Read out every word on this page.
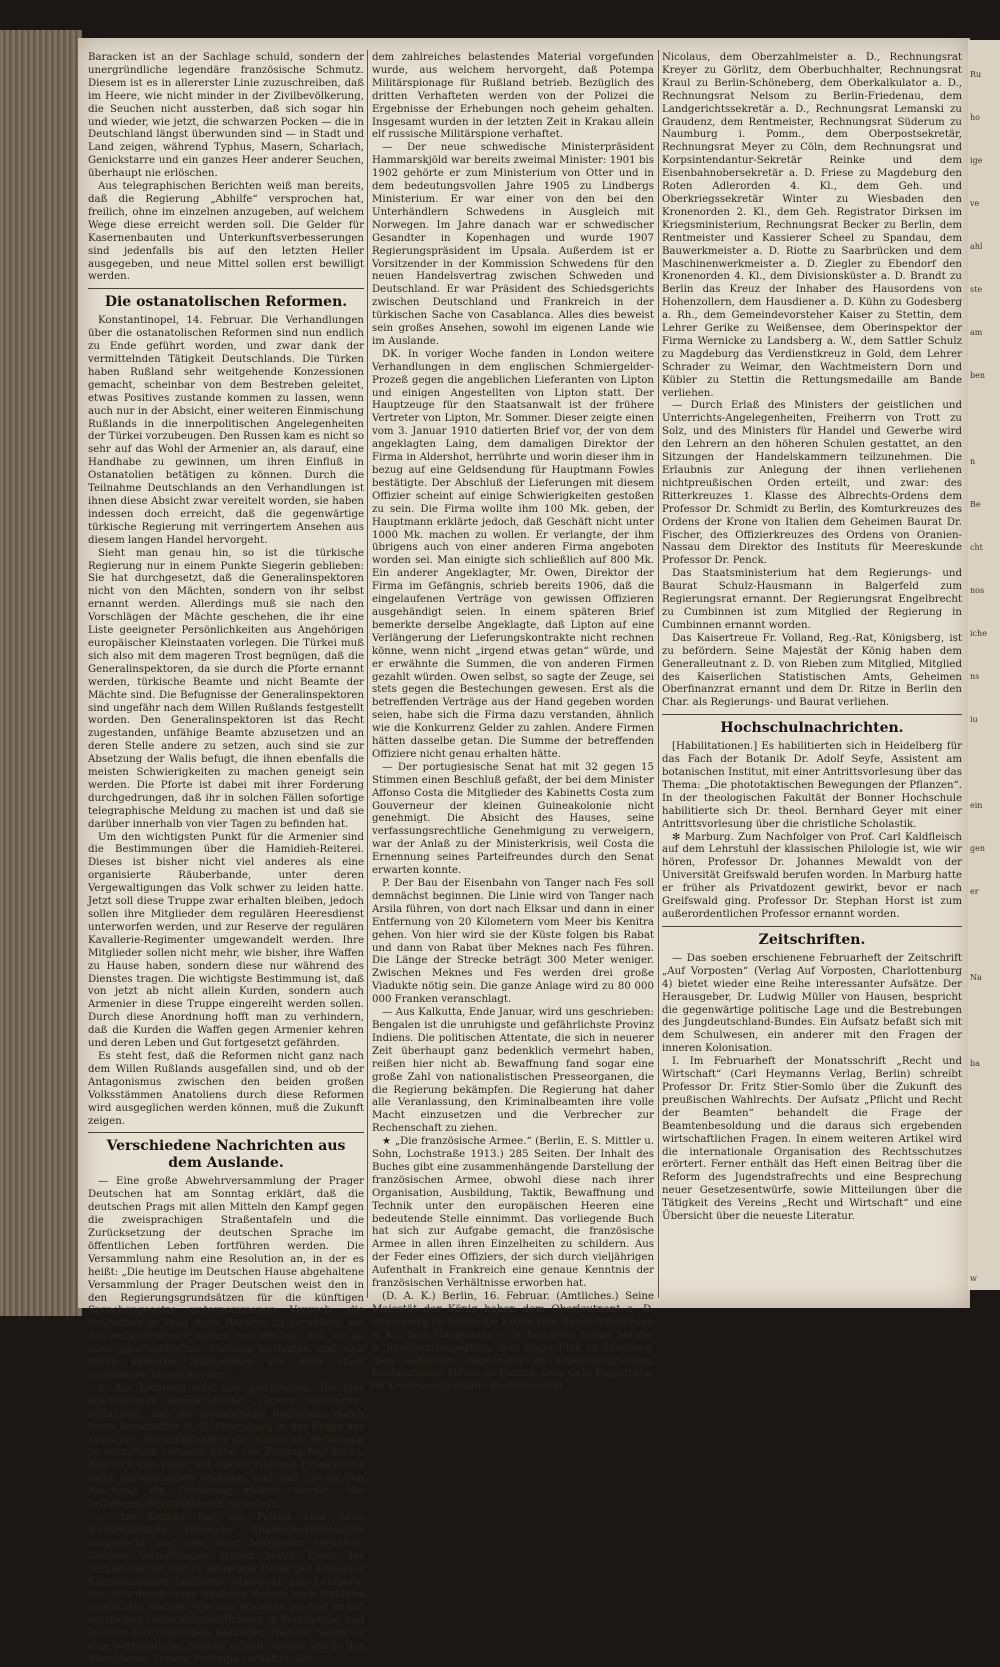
Ru
ho
ige
ve
ahl
ste
am
ben
n
Be
cht
nos
iche
ns
iu
ein
gen
er
Na
ba
w

Baracken ist an der Sachlage schuld, sondern der unergründliche legendäre französische Schmutz. Diesem ist es in allererster Linie zuzuschreiben, daß im Heere, wie nicht minder in der Zivilbevölkerung, die Seuchen nicht aussterben, daß sich sogar hin und wieder, wie jetzt, die schwarzen Pocken — die in Deutschland längst überwunden sind — in Stadt und Land zeigen, während Typhus, Masern, Scharlach, Genickstarre und ein ganzes Heer anderer Seuchen, überhaupt nie erlöschen.

Aus telegraphischen Berichten weiß man bereits, daß die Regierung „Abhilfe“ versprochen hat, freilich, ohne im einzelnen anzugeben, auf welchem Wege diese erreicht werden soll. Die Gelder für Kasernenbauten und Unterkunftsverbesserungen sind jedenfalls bis auf den letzten Heller ausgegeben, und neue Mittel sollen erst bewilligt werden.

Die ostanatolischen Reformen.

Konstantinopel, 14. Februar. Die Verhandlungen über die ostanatolischen Reformen sind nun endlich zu Ende geführt worden, und zwar dank der vermittelnden Tätigkeit Deutschlands. Die Türken haben Rußland sehr weitgehende Konzessionen gemacht, scheinbar von dem Bestreben geleitet, etwas Positives zustande kommen zu lassen, wenn auch nur in der Absicht, einer weiteren Einmischung Rußlands in die innerpolitischen Angelegenheiten der Türkei vorzubeugen. Den Russen kam es nicht so sehr auf das Wohl der Armenier an, als darauf, eine Handhabe zu gewinnen, um ihren Einfluß in Ostanatolien betätigen zu können. Durch die Teilnahme Deutschlands an den Verhandlungen ist ihnen diese Absicht zwar vereitelt worden, sie haben indessen doch erreicht, daß die gegenwärtige türkische Regierung mit verringertem Ansehen aus diesem langen Handel hervorgeht.

Sieht man genau hin, so ist die türkische Regierung nur in einem Punkte Siegerin geblieben: Sie hat durchgesetzt, daß die Generalinspektoren nicht von den Mächten, sondern von ihr selbst ernannt werden. Allerdings muß sie nach den Vorschlägen der Mächte geschehen, die ihr eine Liste geeigneter Persönlichkeiten aus Angehörigen europäischer Kleinstaaten vorlegen. Die Türkei muß sich also mit dem mageren Trost begnügen, daß die Generalinspektoren, da sie durch die Pforte ernannt werden, türkische Beamte und nicht Beamte der Mächte sind. Die Befugnisse der Generalinspektoren sind ungefähr nach dem Willen Rußlands festgestellt worden. Den Generalinspektoren ist das Recht zugestanden, unfähige Beamte abzusetzen und an deren Stelle andere zu setzen, auch sind sie zur Absetzung der Walis befugt, die ihnen ebenfalls die meisten Schwierigkeiten zu machen geneigt sein werden. Die Pforte ist dabei mit ihrer Forderung durchgedrungen, daß ihr in solchen Fällen sofortige telegraphische Meldung zu machen ist und daß sie darüber innerhalb von vier Tagen zu befinden hat.

Um den wichtigsten Punkt für die Armenier sind die Bestimmungen über die Hamidieh-Reiterei. Dieses ist bisher nicht viel anderes als eine organisierte Räuberbande, unter deren Vergewaltigungen das Volk schwer zu leiden hatte. Jetzt soll diese Truppe zwar erhalten bleiben, jedoch sollen ihre Mitglieder dem regulären Heeresdienst unterworfen werden, und zur Reserve der regulären Kavallerie-Regimenter umgewandelt werden. Ihre Mitglieder sollen nicht mehr, wie bisher, ihre Waffen zu Hause haben, sondern diese nur während des Dienstes tragen. Die wichtigste Bestimmung ist, daß von jetzt ab nicht allein Kurden, sondern auch Armenier in diese Truppe eingereiht werden sollen. Durch diese Anordnung hofft man zu verhindern, daß die Kurden die Waffen gegen Armenier kehren und deren Leben und Gut fortgesetzt gefährden.

Es steht fest, daß die Reformen nicht ganz nach dem Willen Rußlands ausgefallen sind, und ob der Antagonismus zwischen den beiden großen Volksstämmen Anatoliens durch diese Reformen wird ausgeglichen werden können, muß die Zukunft zeigen.

Verschiedene Nachrichten aus dem Auslande.

— Eine große Abwehrversammlung der Prager Deutschen hat am Sonntag erklärt, daß die deutschen Prags mit allen Mitteln den Kampf gegen die zweisprachigen Straßentafeln und die Zurücksetzung der deutschen Sprache im öffentlichen Leben fortführen werden. Die Versammlung nahm eine Resolution an, in der es heißt: „Die heutige im Deutschen Hause abgehaltene Versammlung der Prager Deutschen weist den in den Regierungsgrundsätzen für die künftigen Sprachengesetze unternommenen Versuch, die Deutschen in Prag ihres Rechtes zu berauben, auf das entschiedenste zurück und erklärt, daß sie an ihrer geschichtlichen Stellung festhalten und sich durch keinerlei Maßnahmen aus ihrer Stadt verdrängen lassen werden.“

n. Aus Lemberg wird uns geschrieben: Die hier erscheinende demokratische „Gazeta Wieczorna“ behauptet, daß die französische Regierung durch ihren Botschafter in St. Petersburg in der Frage der Kalischer Versammlungen die russische Regierung zu vermitteln versucht habe. Die Zeitung fügt hinzu, daß sich die Polen mit dieser Haltung Frankreichs nicht einverstanden erklären, und daß sie an den Reichsrat die Forderung richten werden, die bisherigen Bestimmungen zu ändern.

— Im Krakau hat die Polizei eine neue weitverzweigte russische Spionageorganisation aufgedeckt und drei ihrer Mitglieder verhaftet. Weitere Verhaftungen stehen bevor. Einer der Verhafteten ist der 21 Jahre alte Hörer der Krakauer Kunstakademie Ladislaus Majewski aus Lemberg, der sich durch seine häufigen Reisen nach Rußland verdächtig machte. Wie nun erwiesen ist, trat er mit russischen Generalstabsoffizieren in Verbindung und leistete den russischen Behörden Dienste, wofür er eine beträchtliche Summe erhielt. Weiter wurde der Warschauer Friseur Potempa verhaftet, bei

dem zahlreiches belastendes Material vorgefunden wurde, aus welchem hervorgeht, daß Potempa Militärspionage für Rußland betrieb. Bezüglich des dritten Verhafteten werden von der Polizei die Ergebnisse der Erhebungen noch geheim gehalten. Insgesamt wurden in der letzten Zeit in Krakau allein elf russische Militärspione verhaftet.

— Der neue schwedische Ministerpräsident Hammarskjöld war bereits zweimal Minister: 1901 bis 1902 gehörte er zum Ministerium von Otter und in dem bedeutungsvollen Jahre 1905 zu Lindbergs Ministerium. Er war einer von den bei den Unterhändlern Schwedens in Ausgleich mit Norwegen. Im Jahre danach war er schwedischer Gesandter in Kopenhagen und wurde 1907 Regierungspräsident im Upsala. Außerdem ist er Vorsitzender in der Kommission Schwedens für den neuen Handelsvertrag zwischen Schweden und Deutschland. Er war Präsident des Schiedsgerichts zwischen Deutschland und Frankreich in der türkischen Sache von Casablanca. Alles dies beweist sein großes Ansehen, sowohl im eigenen Lande wie im Auslande.

DK. In voriger Woche fanden in London weitere Verhandlungen in dem englischen Schmiergelder-Prozeß gegen die angeblichen Lieferanten von Lipton und einigen Angestellten von Lipton statt. Der Hauptzeuge für den Staatsanwalt ist der frühere Vertreter von Lipton, Mr. Sommer. Dieser zeigte einen vom 3. Januar 1910 datierten Brief vor, der von dem angeklagten Laing, dem damaligen Direktor der Firma in Aldershot, herrührte und worin dieser ihm in bezug auf eine Geldsendung für Hauptmann Fowles bestätigte. Der Abschluß der Lieferungen mit diesem Offizier scheint auf einige Schwierigkeiten gestoßen zu sein. Die Firma wollte ihm 100 Mk. geben, der Hauptmann erklärte jedoch, daß Geschäft nicht unter 1000 Mk. machen zu wollen. Er verlangte, der ihm übrigens auch von einer anderen Firma angeboten worden sei. Man einigte sich schließlich auf 800 Mk. Ein anderer Angeklagter, Mr. Owen, Direktor der Firma im Gefängnis, schrieb bereits 1906, daß die eingelaufenen Verträge von gewissen Offizieren ausgehändigt seien. In einem späteren Brief bemerkte derselbe Angeklagte, daß Lipton auf eine Verlängerung der Lieferungskontrakte nicht rechnen könne, wenn nicht „irgend etwas getan“ würde, und er erwähnte die Summen, die von anderen Firmen gezahlt würden. Owen selbst, so sagte der Zeuge, sei stets gegen die Bestechungen gewesen. Erst als die betreffenden Verträge aus der Hand gegeben worden seien, habe sich die Firma dazu verstanden, ähnlich wie die Konkurrenz Gelder zu zahlen. Andere Firmen hätten dasselbe getan. Die Summe der betreffenden Offiziere nicht genau erhalten hätte.

— Der portugiesische Senat hat mit 32 gegen 15 Stimmen einen Beschluß gefaßt, der bei dem Minister Affonso Costa die Mitglieder des Kabinetts Costa zum Gouverneur der kleinen Guineakolonie nicht genehmigt. Die Absicht des Hauses, seine verfassungsrechtliche Genehmigung zu verweigern, war der Anlaß zu der Ministerkrisis, weil Costa die Ernennung seines Parteifreundes durch den Senat erwarten konnte.

P. Der Bau der Eisenbahn von Tanger nach Fes soll demnächst beginnen. Die Linie wird von Tanger nach Arsila führen, von dort nach Elksar und dann in einer Entfernung von 20 Kilometern vom Meer bis Kenitra gehen. Von hier wird sie der Küste folgen bis Rabat und dann von Rabat über Meknes nach Fes führen. Die Länge der Strecke beträgt 300 Meter weniger. Zwischen Meknes und Fes werden drei große Viadukte nötig sein. Die ganze Anlage wird zu 80 000 000 Franken veranschlagt.

— Aus Kalkutta, Ende Januar, wird uns geschrieben: Bengalen ist die unruhigste und gefährlichste Provinz Indiens. Die politischen Attentate, die sich in neuerer Zeit überhaupt ganz bedenklich vermehrt haben, reißen hier nicht ab. Bewaffnung fand sogar eine große Zahl von nationalistischen Presseorganen, die die Regierung bekämpfen. Die Regierung hat daher alle Veranlassung, den Kriminalbeamten ihre volle Macht einzusetzen und die Verbrecher zur Rechenschaft zu ziehen.

★ „Die französische Armee.“ (Berlin, E. S. Mittler u. Sohn, Lochstraße 1913.) 285 Seiten. Der Inhalt des Buches gibt eine zusammenhängende Darstellung der französischen Armee, obwohl diese nach ihrer Organisation, Ausbildung, Taktik, Bewaffnung und Technik unter den europäischen Heeren eine bedeutende Stelle einnimmt. Das vorliegende Buch hat sich zur Aufgabe gemacht, die französische Armee in allen ihren Einzelheiten zu schildern. Aus der Feder eines Offiziers, der sich durch vieljährigen Aufenthalt in Frankreich eine genaue Kenntnis der französischen Verhältnisse erworben hat.

(D. A. K.) Berlin, 16. Februar. (Amtliches.) Seine Majestät der König haben dem Oberleutnant a. D. Schönberg zu Berlin die Krone zum Roten Adlerorden 4. Kl., dem Hauptmann a. D. Kowalski, bisher bei der 4. Ingenieurinspektion, dem Major Fink zu Sönsberg, dem Geheimen Registrator im Kriegsministerium, Rechnungsrat Heuer zu Danzig, dem Geh. Registrator im Kriegsministerium, Rechnungsrat

Nicolaus, dem Oberzahlmeister a. D., Rechnungsrat Kreyer zu Görlitz, dem Oberbuchhalter, Rechnungsrat Kraul zu Berlin-Schöneberg, dem Oberkalkulator a. D., Rechnungsrat Nelsom zu Berlin-Friedenau, dem Landgerichtssekretär a. D., Rechnungsrat Lemanski zu Graudenz, dem Rentmeister, Rechnungsrat Süderum zu Naumburg i. Pomm., dem Oberpostsekretär, Rechnungsrat Meyer zu Cöln, dem Rechnungsrat und Korpsintendantur-Sekretär Reinke und dem Eisenbahnobersekretär a. D. Friese zu Magdeburg den Roten Adlerorden 4. Kl., dem Geh. und Oberkriegssekretär Winter zu Wiesbaden den Kronenorden 2. Kl., dem Geh. Registrator Dirksen im Kriegsministerium, Rechnungsrat Becker zu Berlin, dem Rentmeister und Kassierer Scheel zu Spandau, dem Bauwerkmeister a. D. Riotte zu Saarbrücken und dem Maschinenwerkmeister a. D. Ziegler zu Ebendorf den Kronenorden 4. Kl., dem Divisionsküster a. D. Brandt zu Berlin das Kreuz der Inhaber des Hausordens von Hohenzollern, dem Hausdiener a. D. Kühn zu Godesberg a. Rh., dem Gemeindevorsteher Kaiser zu Stettin, dem Lehrer Gerike zu Weißensee, dem Oberinspektor der Firma Wernicke zu Landsberg a. W., dem Sattler Schulz zu Magdeburg das Verdienstkreuz in Gold, dem Lehrer Schrader zu Weimar, den Wachtmeistern Dorn und Kübler zu Stettin die Rettungsmedaille am Bande verliehen.

— Durch Erlaß des Ministers der geistlichen und Unterrichts-Angelegenheiten, Freiherrn von Trott zu Solz, und des Ministers für Handel und Gewerbe wird den Lehrern an den höheren Schulen gestattet, an den Sitzungen der Handelskammern teilzunehmen. Die Erlaubnis zur Anlegung der ihnen verliehenen nichtpreußischen Orden erteilt, und zwar: des Ritterkreuzes 1. Klasse des Albrechts-Ordens dem Professor Dr. Schmidt zu Berlin, des Komturkreuzes des Ordens der Krone von Italien dem Geheimen Baurat Dr. Fischer, des Offizierkreuzes des Ordens von Oranien-Nassau dem Direktor des Instituts für Meereskunde Professor Dr. Penck.

Das Staatsministerium hat dem Regierungs- und Baurat Schulz-Hausmann in Balgerfeld zum Regierungsrat ernannt. Der Regierungsrat Engelbrecht zu Cumbinnen ist zum Mitglied der Regierung in Cumbinnen ernannt worden.

Das Kaisertreue Fr. Volland, Reg.-Rat, Königsberg, ist zu befördern. Seine Majestät der König haben dem Generalleutnant z. D. von Rieben zum Mitglied, Mitglied des Kaiserlichen Statistischen Amts, Geheimen Oberfinanzrat ernannt und dem Dr. Ritze in Berlin den Char. als Regierungs- und Baurat verliehen.

Hochschulnachrichten.

[Habilitationen.] Es habilitierten sich in Heidelberg für das Fach der Botanik Dr. Adolf Seyfe, Assistent am botanischen Institut, mit einer Antrittsvorlesung über das Thema: „Die phototaktischen Bewegungen der Pflanzen“. In der theologischen Fakultät der Bonner Hochschule habilitierte sich Dr. theol. Bernhard Geyer mit einer Antrittsvorlesung über die christliche Scholastik.

✻ Marburg. Zum Nachfolger von Prof. Carl Kaldfleisch auf dem Lehrstuhl der klassischen Philologie ist, wie wir hören, Professor Dr. Johannes Mewaldt von der Universität Greifswald berufen worden. In Marburg hatte er früher als Privatdozent gewirkt, bevor er nach Greifswald ging. Professor Dr. Stephan Horst ist zum außerordentlichen Professor ernannt worden.

Zeitschriften.

— Das soeben erschienene Februarheft der Zeitschrift „Auf Vorposten“ (Verlag Auf Vorposten, Charlottenburg 4) bietet wieder eine Reihe interessanter Aufsätze. Der Herausgeber, Dr. Ludwig Müller von Hausen, bespricht die gegenwärtige politische Lage und die Bestrebungen des Jungdeutschland-Bundes. Ein Aufsatz befaßt sich mit dem Schulwesen, ein anderer mit den Fragen der inneren Kolonisation.

I. Im Februarheft der Monatsschrift „Recht und Wirtschaft“ (Carl Heymanns Verlag, Berlin) schreibt Professor Dr. Fritz Stier-Somlo über die Zukunft des preußischen Wahlrechts. Der Aufsatz „Pflicht und Recht der Beamten“ behandelt die Frage der Beamtenbesoldung und die daraus sich ergebenden wirtschaftlichen Fragen. In einem weiteren Artikel wird die internationale Organisation des Rechtsschutzes erörtert. Ferner enthält das Heft einen Beitrag über die Reform des Jugendstrafrechts und eine Besprechung neuer Gesetzesentwürfe, sowie Mitteilungen über die Tätigkeit des Vereins „Recht und Wirtschaft“ und eine Übersicht über die neueste Literatur.
